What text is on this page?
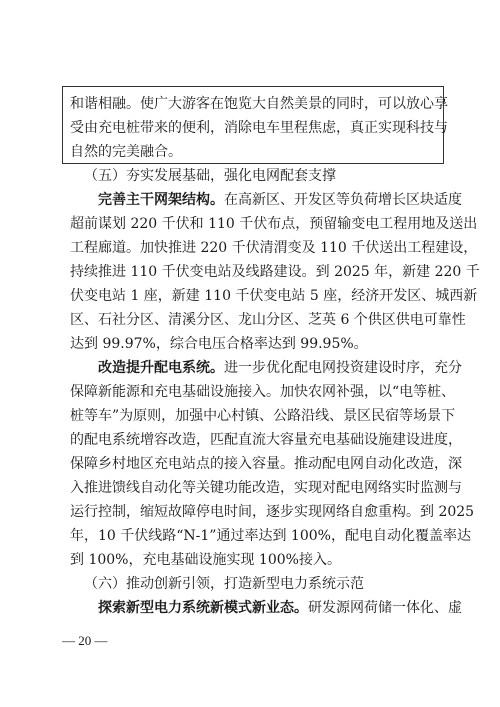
和谐相融。使广大游客在饱览大自然美景的同时，可以放心享
受由充电桩带来的便利，消除电车里程焦虑，真正实现科技与
自然的完美融合。
（五）夯实发展基础，强化电网配套支撑
完善主干网架结构。在高新区、开发区等负荷增长区块适度
超前谋划 220 千伏和 110 千伏布点，预留输变电工程用地及送出
工程廊道。加快推进 220 千伏清渭变及 110 千伏送出工程建设，
持续推进 110 千伏变电站及线路建设。到 2025 年，新建 220 千
伏变电站 1 座，新建 110 千伏变电站 5 座，经济开发区、城西新
区、石社分区、清溪分区、龙山分区、芝英 6 个供区供电可靠性
达到 99.97%，综合电压合格率达到 99.95%。
改造提升配电系统。进一步优化配电网投资建设时序，充分
保障新能源和充电基础设施接入。加快农网补强，以“电等桩、
桩等车”为原则，加强中心村镇、公路沿线、景区民宿等场景下
的配电系统增容改造，匹配直流大容量充电基础设施建设进度，
保障乡村地区充电站点的接入容量。推动配电网自动化改造，深
入推进馈线自动化等关键功能改造，实现对配电网络实时监测与
运行控制，缩短故障停电时间，逐步实现网络自愈重构。到 2025
年，10 千伏线路“N-1”通过率达到 100%，配电自动化覆盖率达
到 100%，充电基础设施实现 100%接入。
（六）推动创新引领，打造新型电力系统示范
探索新型电力系统新模式新业态。研发源网荷储一体化、虚
— 20 —
